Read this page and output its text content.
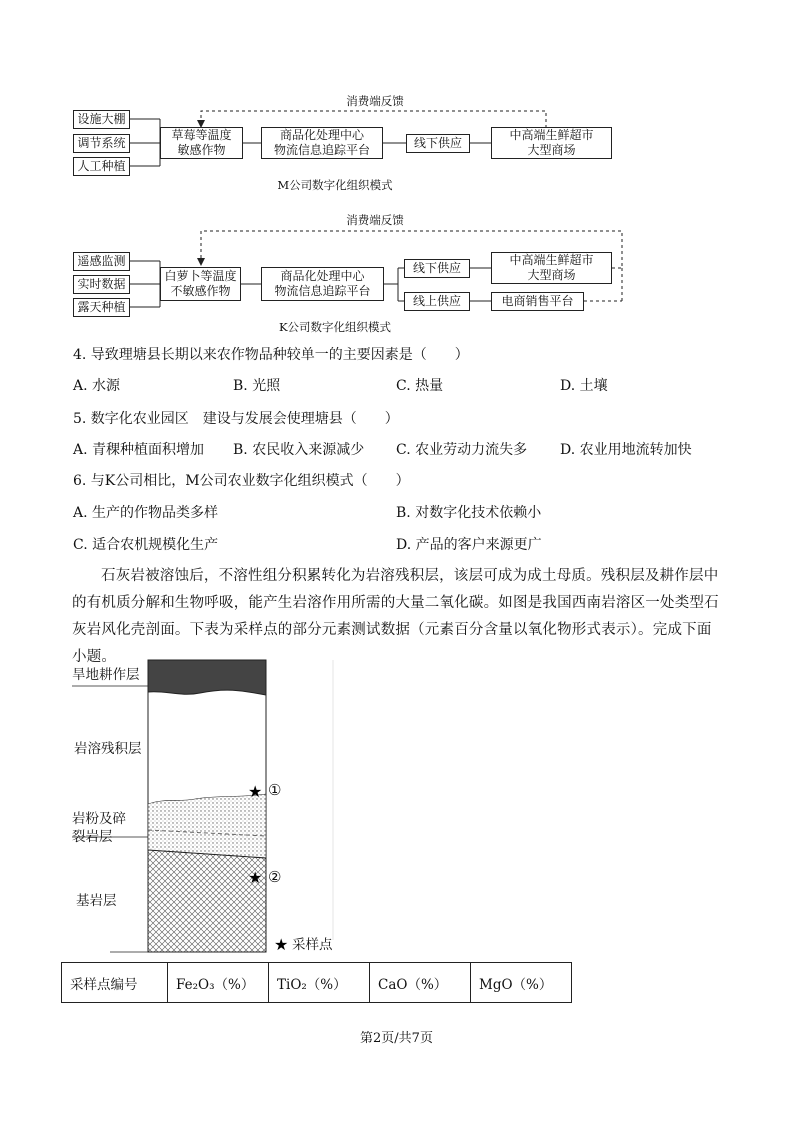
消费端反馈
设施大棚
调节系统
人工种植
草莓等温度
敏感作物
商品化处理中心
物流信息追踪平台	线下供应
中高端生鲜超市
大型商场
M公司数字化组织模式
消费端反馈
遥感监测
实时数据
露天种植
白萝卜等温度
不敏感作物
商品化处理中心
物流信息追踪平台
线下供应
线上供应
中高端生鲜超市
大型商场
电商销售平台
K公司数字化组织模式
4. 导致理塘县长期以来农作物品种较单一的主要因素是（　　）
A. 水源	B. 光照	C. 热量	D. 土壤
5. 数字化农业园区　建设与发展会使理塘县（　　）
A. 青稞种植面积增加 B. 农民收入来源减少 C. 农业劳动力流失多 D. 农业用地流转加快
6. 与K公司相比，M公司农业数字化组织模式（　　）
A. 生产的作物品类多样	B. 对数字化技术依赖小
C. 适合农机规模化生产	D. 产品的客户来源更广
石灰岩被溶蚀后，不溶性组分积累转化为岩溶残积层，该层可成为成土母质。残积层及耕作层中的有机质分解和生物呼吸，能产生岩溶作用所需的大量二氧化碳。如图是我国西南岩溶区一处类型石灰岩风化壳剖面。下表为采样点的部分元素测试数据（元素百分含量以氧化物形式表示）。完成下面小题。
★
★
★
旱地耕作层
岩溶残积层
岩粉及碎
裂岩层
基岩层
①
②
采样点
采样点编号	Fe₂O₃（%）	TiO₂（%）	CaO（%）	MgO（%）
第2页/共7页
